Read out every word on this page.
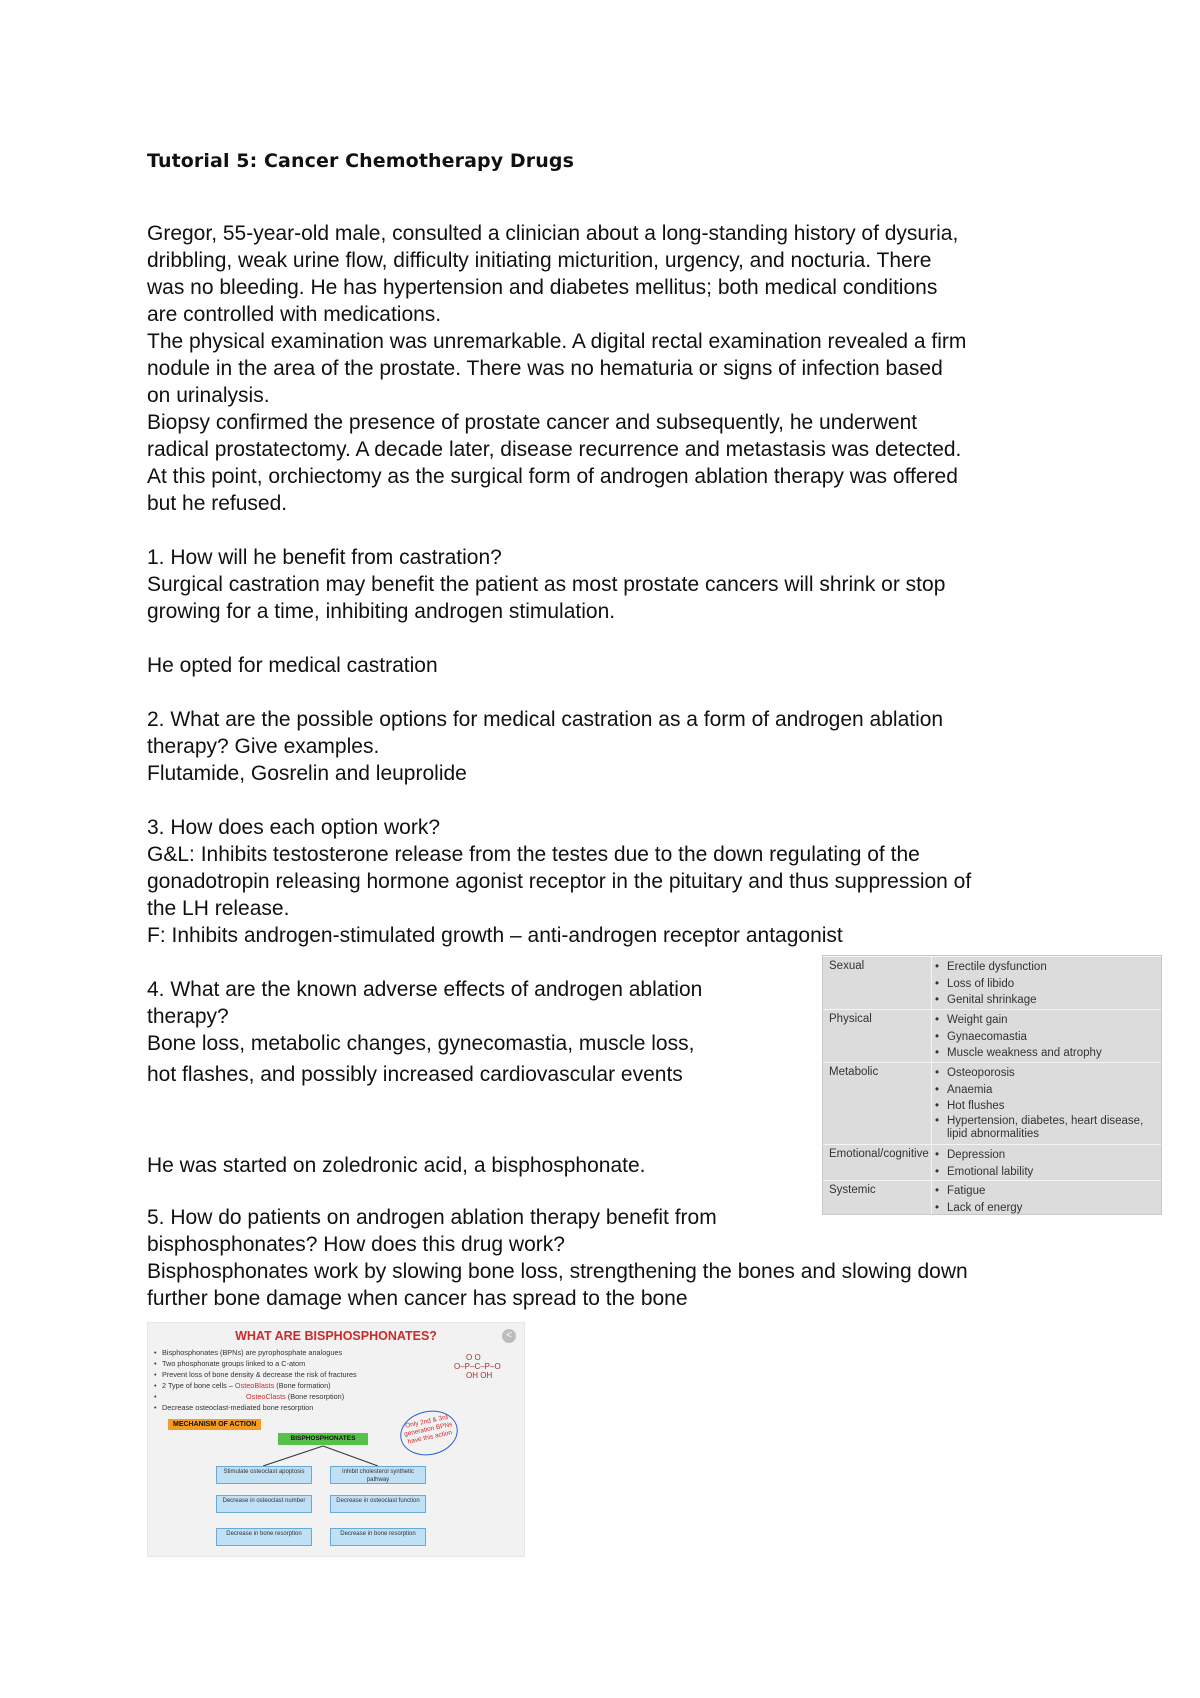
Tutorial 5: Cancer Chemotherapy Drugs

Gregor, 55-year-old male, consulted a clinician about a long-standing history of dysuria,
dribbling, weak urine flow, difficulty initiating micturition, urgency, and nocturia. There
was no bleeding. He has hypertension and diabetes mellitus; both medical conditions
are controlled with medications.
The physical examination was unremarkable. A digital rectal examination revealed a firm
nodule in the area of the prostate. There was no hematuria or signs of infection based
on urinalysis.
Biopsy confirmed the presence of prostate cancer and subsequently, he underwent
radical prostatectomy. A decade later, disease recurrence and metastasis was detected.
At this point, orchiectomy as the surgical form of androgen ablation therapy was offered
but he refused.

1. How will he benefit from castration?
Surgical castration may benefit the patient as most prostate cancers will shrink or stop
growing for a time, inhibiting androgen stimulation.

He opted for medical castration

2. What are the possible options for medical castration as a form of androgen ablation
therapy? Give examples.
Flutamide, Gosrelin and leuprolide

3. How does each option work?
G&L: Inhibits testosterone release from the testes due to the down regulating of the
gonadotropin releasing hormone agonist receptor in the pituitary and thus suppression of
the LH release.
F: Inhibits androgen-stimulated growth – anti-androgen receptor antagonist

4. What are the known adverse effects of androgen ablation
therapy?
Bone loss, metabolic changes, gynecomastia, muscle loss,
hot flashes, and possibly increased cardiovascular events

He was started on zoledronic acid, a bisphosphonate.

5. How do patients on androgen ablation therapy benefit from
bisphosphonates? How does this drug work?
Bisphosphonates work by slowing bone loss, strengthening the bones and slowing down
further bone damage when cancer has spread to the bone

Sexual	• Erectile dysfunction
• Loss of libido
• Genital shrinkage
Physical	• Weight gain
• Gynaecomastia
• Muscle weakness and atrophy
Metabolic	• Osteoporosis
• Anaemia
• Hot flushes
• Hypertension, diabetes, heart disease, lipid abnormalities
Emotional/cognitive	• Depression
• Emotional lability
Systemic	• Fatigue
• Lack of energy
WHAT ARE BISPHOSPHONATES?	<
• Bisphosphonates (BPNs) are pyrophosphate analogues
• Two phosphonate groups linked to a C-atom
• Prevent loss of bone density & decrease the risk of fractures
• 2 Type of bone cells – OsteoBlasts (Bone formation)
• OsteoClasts (Bone resorption)
• Decrease osteoclast-mediated bone resorption
O O
O–P–C–P–O
OH OH
MECHANISM OF ACTION
BISPHOSPHONATES
Only 2nd & 3rd generation BPNs have this action
Stimulate osteoclast apoptosis	Inhibit cholesterol synthetic pathway
Decrease in osteoclast number	Decrease in osteoclast function
Decrease in bone resorption	Decrease in bone resorption
